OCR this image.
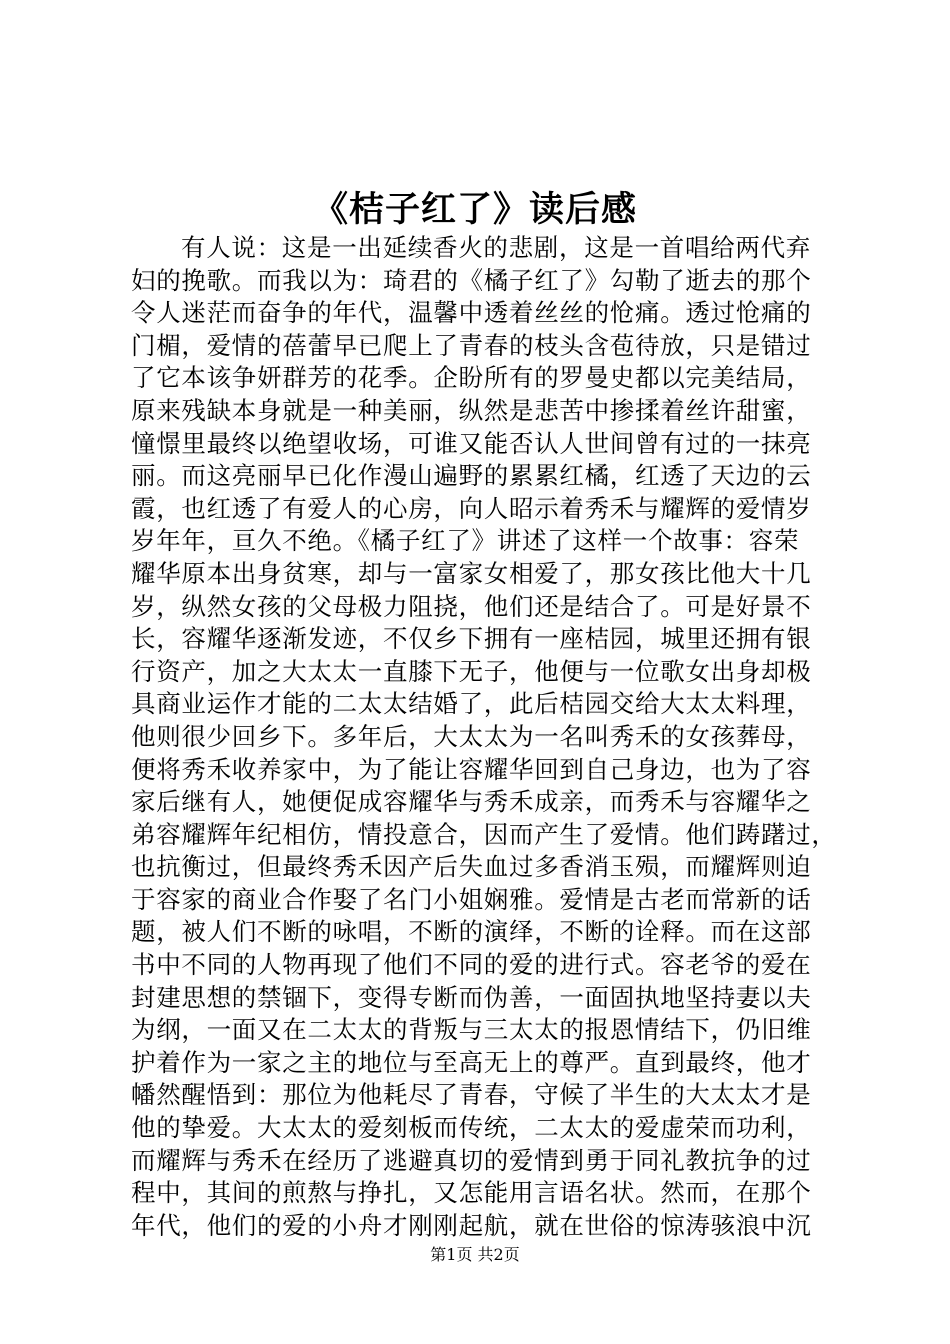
《桔子红了》读后感
有人说：这是一出延续香火的悲剧，这是一首唱给两代弃
妇的挽歌。而我以为：琦君的《橘子红了》勾勒了逝去的那个
令人迷茫而奋争的年代，温馨中透着丝丝的怆痛。透过怆痛的
门楣，爱情的蓓蕾早已爬上了青春的枝头含苞待放，只是错过
了它本该争妍群芳的花季。企盼所有的罗曼史都以完美结局，
原来残缺本身就是一种美丽，纵然是悲苦中掺揉着丝许甜蜜，
憧憬里最终以绝望收场，可谁又能否认人世间曾有过的一抹亮
丽。而这亮丽早已化作漫山遍野的累累红橘，红透了天边的云
霞，也红透了有爱人的心房，向人昭示着秀禾与耀辉的爱情岁
岁年年，亘久不绝。《橘子红了》讲述了这样一个故事：容荣
耀华原本出身贫寒，却与一富家女相爱了，那女孩比他大十几
岁，纵然女孩的父母极力阻挠，他们还是结合了。可是好景不
长，容耀华逐渐发迹，不仅乡下拥有一座桔园，城里还拥有银
行资产，加之大太太一直膝下无子，他便与一位歌女出身却极
具商业运作才能的二太太结婚了，此后桔园交给大太太料理，
他则很少回乡下。多年后，大太太为一名叫秀禾的女孩葬母，
便将秀禾收养家中，为了能让容耀华回到自己身边，也为了容
家后继有人，她便促成容耀华与秀禾成亲，而秀禾与容耀华之
弟容耀辉年纪相仿，情投意合，因而产生了爱情。他们踌躇过，
也抗衡过，但最终秀禾因产后失血过多香消玉殒，而耀辉则迫
于容家的商业合作娶了名门小姐娴雅。爱情是古老而常新的话
题，被人们不断的咏唱，不断的演绎，不断的诠释。而在这部
书中不同的人物再现了他们不同的爱的进行式。容老爷的爱在
封建思想的禁锢下，变得专断而伪善，一面固执地坚持妻以夫
为纲，一面又在二太太的背叛与三太太的报恩情结下，仍旧维
护着作为一家之主的地位与至高无上的尊严。直到最终，他才
幡然醒悟到：那位为他耗尽了青春，守候了半生的大太太才是
他的挚爱。大太太的爱刻板而传统，二太太的爱虚荣而功利，
而耀辉与秀禾在经历了逃避真切的爱情到勇于同礼教抗争的过
程中，其间的煎熬与挣扎，又怎能用言语名状。然而，在那个
年代，他们的爱的小舟才刚刚起航，就在世俗的惊涛骇浪中沉
第1页 共2页
